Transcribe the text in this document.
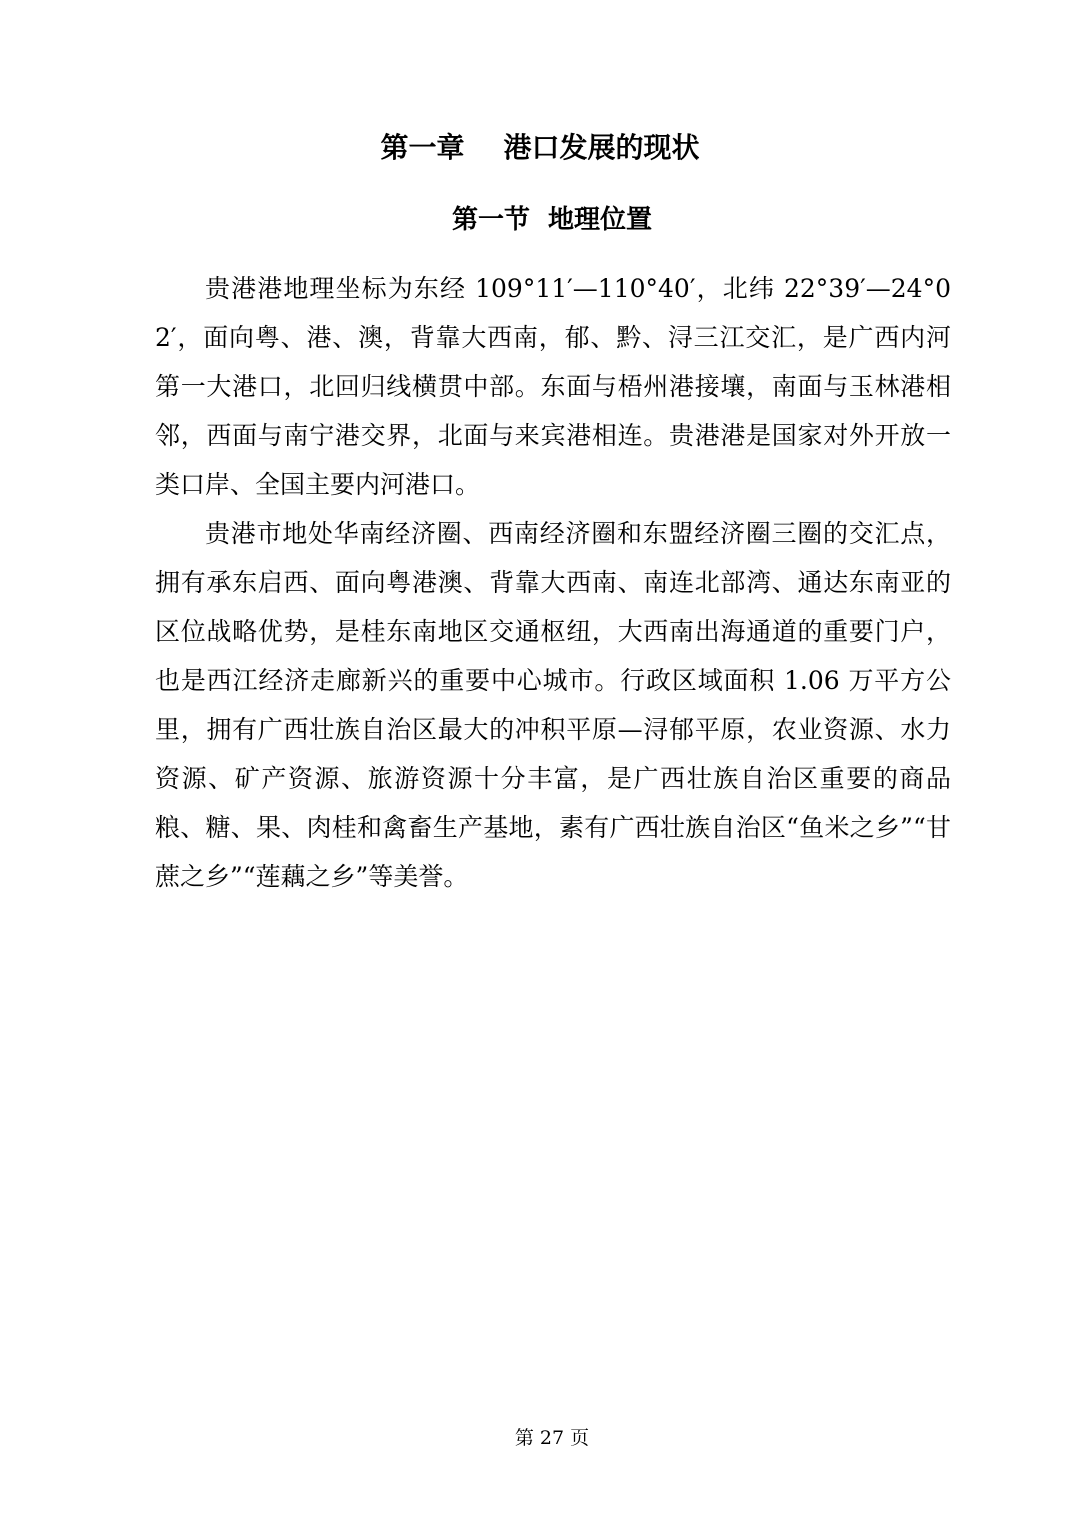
第一章    港口发展的现状
第一节  地理位置

贵港港地理坐标为东经 109°11′—110°40′，北纬 22°39′—24°02′，面向粤、港、澳，背靠大西南，郁、黔、浔三江交汇，是广西内河第一大港口，北回归线横贯中部。东面与梧州港接壤，南面与玉林港相邻，西面与南宁港交界，北面与来宾港相连。贵港港是国家对外开放一类口岸、全国主要内河港口。

贵港市地处华南经济圈、西南经济圈和东盟经济圈三圈的交汇点，拥有承东启西、面向粤港澳、背靠大西南、南连北部湾、通达东南亚的区位战略优势，是桂东南地区交通枢纽，大西南出海通道的重要门户，也是西江经济走廊新兴的重要中心城市。行政区域面积 1.06 万平方公里，拥有广西壮族自治区最大的冲积平原—浔郁平原，农业资源、水力资源、矿产资源、旅游资源十分丰富，是广西壮族自治区重要的商品粮、糖、果、肉桂和禽畜生产基地，素有广西壮族自治区“鱼米之乡”“甘蔗之乡”“莲藕之乡”等美誉。

第 27 页
